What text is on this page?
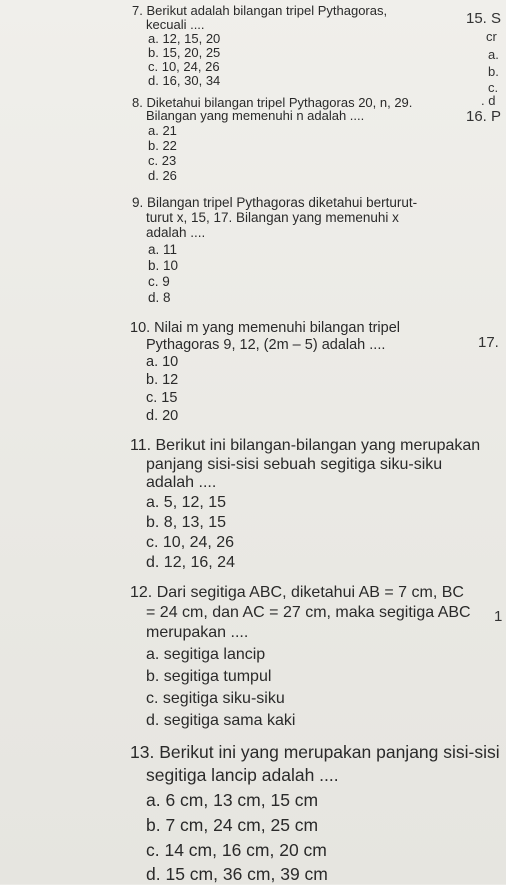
7. Berikut adalah bilangan tripel Pythagoras,
kecuali ....
a. 12, 15, 20
b. 15, 20, 25
c. 10, 24, 26
d. 16, 30, 34
8. Diketahui bilangan tripel Pythagoras 20, n, 29.
Bilangan yang memenuhi n adalah ....
a. 21
b. 22
c. 23
d. 26
9. Bilangan tripel Pythagoras diketahui berturut-
turut x, 15, 17. Bilangan yang memenuhi x
adalah ....
a. 11
b. 10
c. 9
d. 8
10. Nilai m yang memenuhi bilangan tripel
Pythagoras 9, 12, (2m – 5) adalah ....
a. 10
b. 12
c. 15
d. 20
11. Berikut ini bilangan-bilangan yang merupakan
panjang sisi-sisi sebuah segitiga siku-siku
adalah ....
a. 5, 12, 15
b. 8, 13, 15
c. 10, 24, 26
d. 12, 16, 24
12. Dari segitiga ABC, diketahui AB = 7 cm, BC
= 24 cm, dan AC = 27 cm, maka segitiga ABC
merupakan ....
a. segitiga lancip
b. segitiga tumpul
c. segitiga siku-siku
d. segitiga sama kaki
13. Berikut ini yang merupakan panjang sisi-sisi
segitiga lancip adalah ....
a. 6 cm, 13 cm, 15 cm
b. 7 cm, 24 cm, 25 cm
c. 14 cm, 16 cm, 20 cm
d. 15 cm, 36 cm, 39 cm
15. S
cr
a.
b.
c.
. d
16. P
17.
1
